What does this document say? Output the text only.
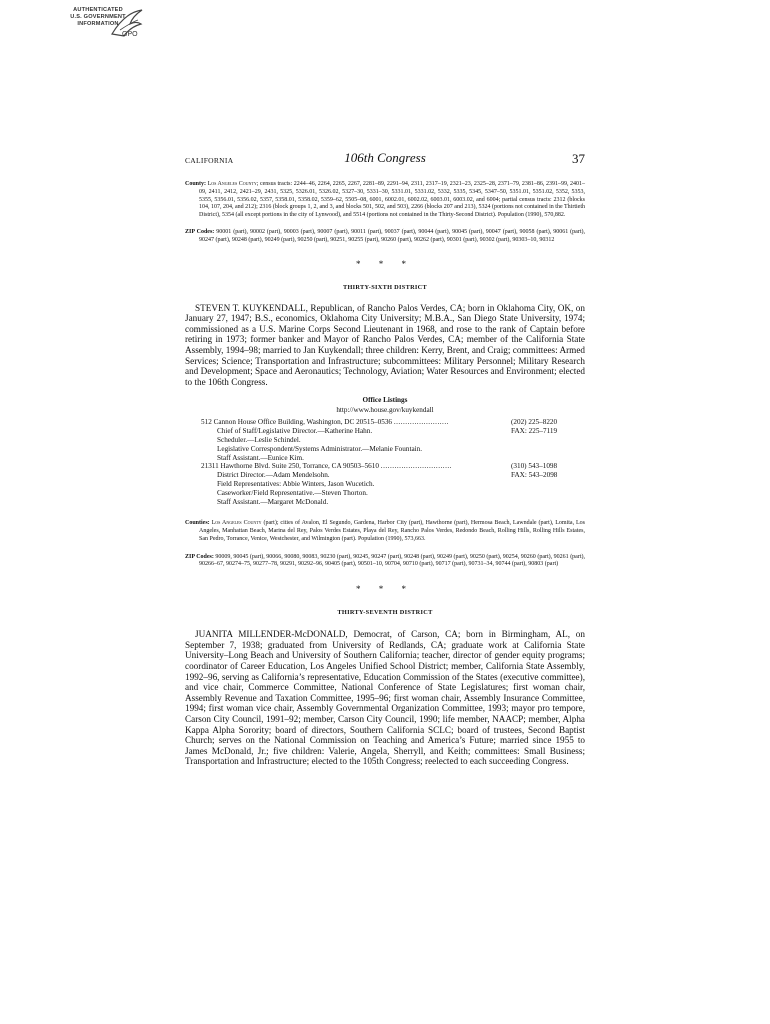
AUTHENTICATED
U.S. GOVERNMENT
INFORMATION
GPO
CALIFORNIA	106th Congress	37

County: Los Angeles County; census tracts: 2244–46, 2264, 2265, 2267, 2281–89, 2291–94, 2311, 2317–19, 2321–23, 2325–28, 2371–79, 2381–86, 2391–99, 2401–09, 2411, 2412, 2421–29, 2431, 5325, 5326.01, 5326.02, 5327–30, 5331–30, 5331.01, 5331.02, 5332, 5335, 5345, 5347–50, 5351.01, 5351.02, 5352, 5353, 5355, 5356.01, 5356.02, 5357, 5358.01, 5358.02, 5359–62, 5505–08, 6001, 6002.01, 6002.02, 6003.01, 6003.02, and 6004; partial census tracts: 2312 (blocks 104, 107, 204, and 212); 2316 (block groups 1, 2, and 3, and blocks 501, 502, and 503), 2266 (blocks 207 and 213), 5324 (portions not contained in the Thirtieth District), 5354 (all except portions in the city of Lynwood), and 5514 (portions not contained in the Thirty-Second District). Population (1990), 570,882.

ZIP Codes: 90001 (part), 90002 (part), 90003 (part), 90007 (part), 90011 (part), 90037 (part), 90044 (part), 90045 (part), 90047 (part), 90058 (part), 90061 (part), 90247 (part), 90248 (part), 90249 (part), 90250 (part), 90251, 90255 (part), 90260 (part), 90262 (part), 90301 (part), 90302 (part), 90303–10, 90312

* * *

THIRTY-SIXTH DISTRICT

STEVEN T. KUYKENDALL, Republican, of Rancho Palos Verdes, CA; born in Oklahoma City, OK, on January 27, 1947; B.S., economics, Oklahoma City University; M.B.A., San Diego State University, 1974; commissioned as a U.S. Marine Corps Second Lieutenant in 1968, and rose to the rank of Captain before retiring in 1973; former banker and Mayor of Rancho Palos Verdes, CA; member of the California State Assembly, 1994–98; married to Jan Kuykendall; three children: Kerry, Brent, and Craig; committees: Armed Services; Science; Transportation and Infrastructure; subcommittees: Military Personnel; Military Research and Development; Space and Aeronautics; Technology, Aviation; Water Resources and Environment; elected to the 106th Congress.

Office Listings

http://www.house.gov/kuykendall

512 Cannon House Office Building, Washington, DC 20515–0536 ........................	(202) 225–8220
Chief of Staff/Legislative Director.—Katherine Hahn.	FAX: 225–7119
Scheduler.—Leslie Schindel.
Legislative Correspondent/Systems Administrator.—Melanie Fountain.
Staff Assistant.—Eunice Kim.
21311 Hawthorne Blvd. Suite 250, Torrance, CA 90503–5610 ...............................	(310) 543–1098
District Director.—Adam Mendelsohn.	FAX: 543–2098
Field Representatives: Abbie Winters, Jason Wucetich.
Caseworker/Field Representative.—Steven Thorton.
Staff Assistant.—Margaret McDonald.

Counties: Los Angeles County (part); cities of Avalon, El Segundo, Gardena, Harbor City (part), Hawthorne (part), Hermosa Beach, Lawndale (part), Lomita, Los Angeles, Manhattan Beach, Marina del Rey, Palos Verdes Estates, Playa del Rey, Rancho Palos Verdes, Redondo Beach, Rolling Hills, Rolling Hills Estates, San Pedro, Torrance, Venice, Westchester, and Wilmington (part). Population (1990), 573,663.

ZIP Codes: 90009, 90045 (part), 90066, 90080, 90083, 90230 (part), 90245, 90247 (part), 90248 (part), 90249 (part), 90250 (part), 90254, 90260 (part), 90261 (part), 90266–67, 90274–75, 90277–78, 90291, 90292–96, 90405 (part), 90501–10, 90704, 90710 (part), 90717 (part), 90731–34, 90744 (part), 90803 (part)

* * *

THIRTY-SEVENTH DISTRICT

JUANITA MILLENDER-McDONALD, Democrat, of Carson, CA; born in Birmingham, AL, on September 7, 1938; graduated from University of Redlands, CA; graduate work at California State University–Long Beach and University of Southern California; teacher, director of gender equity programs; coordinator of Career Education, Los Angeles Unified School District; member, California State Assembly, 1992–96, serving as California’s representative, Education Commission of the States (executive committee), and vice chair, Commerce Committee, National Conference of State Legislatures; first woman chair, Assembly Revenue and Taxation Committee, 1995–96; first woman chair, Assembly Insurance Committee, 1994; first woman vice chair, Assembly Governmental Organization Committee, 1993; mayor pro tempore, Carson City Council, 1991–92; member, Carson City Council, 1990; life member, NAACP; member, Alpha Kappa Alpha Sorority; board of directors, Southern California SCLC; board of trustees, Second Baptist Church; serves on the National Commission on Teaching and America’s Future; married since 1955 to James McDonald, Jr.; five children: Valerie, Angela, Sherryll, and Keith; committees: Small Business; Transportation and Infrastructure; elected to the 105th Congress; reelected to each succeeding Congress.
